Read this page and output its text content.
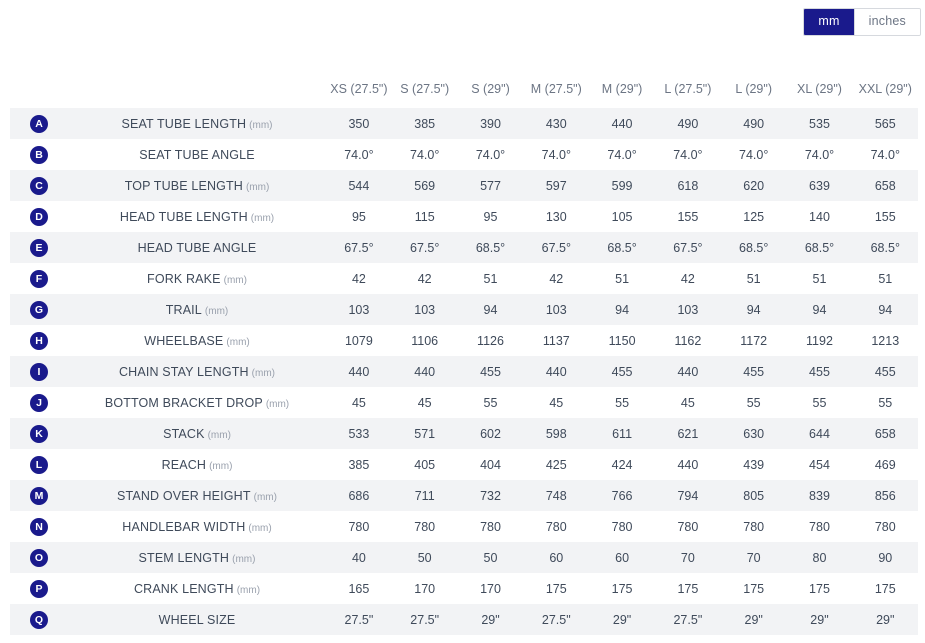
mm	inches
		XS (27.5")	S (27.5")	S (29")	M (27.5")	M (29")	L (27.5")	L (29")	XL (29")	XXL (29")
A	SEAT TUBE LENGTH (mm)	350	385	390	430	440	490	490	535	565
B	SEAT TUBE ANGLE	74.0°	74.0°	74.0°	74.0°	74.0°	74.0°	74.0°	74.0°	74.0°
C	TOP TUBE LENGTH (mm)	544	569	577	597	599	618	620	639	658
D	HEAD TUBE LENGTH (mm)	95	115	95	130	105	155	125	140	155
E	HEAD TUBE ANGLE	67.5°	67.5°	68.5°	67.5°	68.5°	67.5°	68.5°	68.5°	68.5°
F	FORK RAKE (mm)	42	42	51	42	51	42	51	51	51
G	TRAIL (mm)	103	103	94	103	94	103	94	94	94
H	WHEELBASE (mm)	1079	1106	1126	1137	1150	1162	1172	1192	1213
I	CHAIN STAY LENGTH (mm)	440	440	455	440	455	440	455	455	455
J	BOTTOM BRACKET DROP (mm)	45	45	55	45	55	45	55	55	55
K	STACK (mm)	533	571	602	598	611	621	630	644	658
L	REACH (mm)	385	405	404	425	424	440	439	454	469
M	STAND OVER HEIGHT (mm)	686	711	732	748	766	794	805	839	856
N	HANDLEBAR WIDTH (mm)	780	780	780	780	780	780	780	780	780
O	STEM LENGTH (mm)	40	50	50	60	60	70	70	80	90
P	CRANK LENGTH (mm)	165	170	170	175	175	175	175	175	175
Q	WHEEL SIZE	27.5"	27.5"	29"	27.5"	29"	27.5"	29"	29"	29"
